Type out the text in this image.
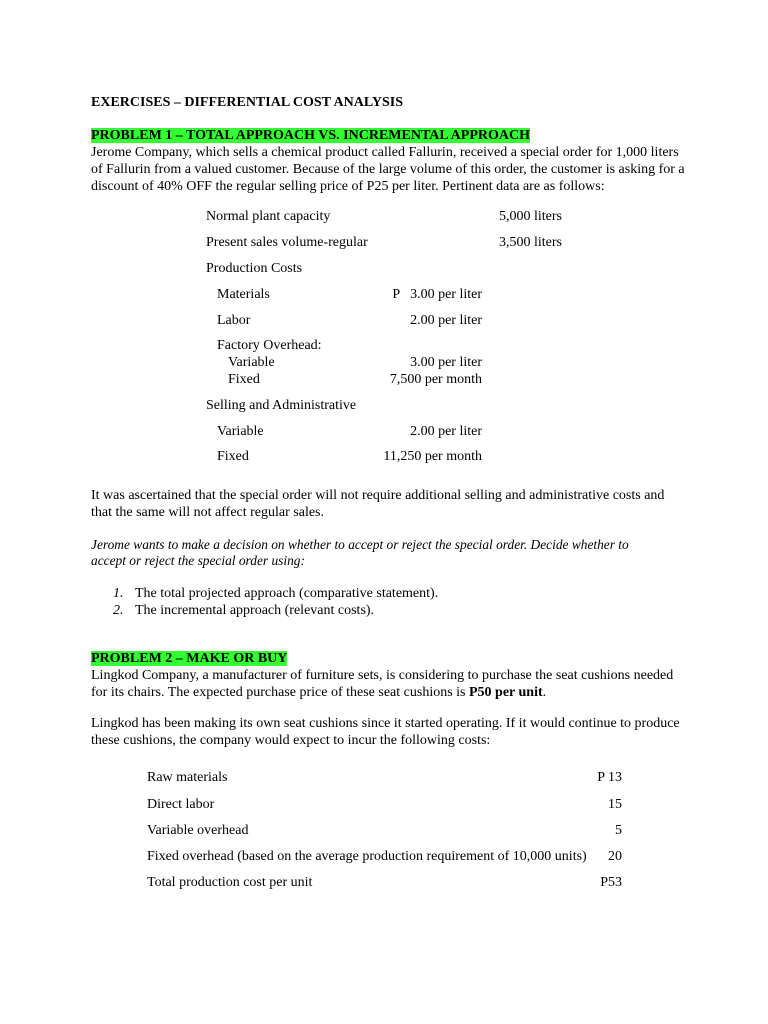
EXERCISES – DIFFERENTIAL COST ANALYSIS
PROBLEM 1 – TOTAL APPROACH VS. INCREMENTAL APPROACH
Jerome Company, which sells a chemical product called Fallurin, received a special order for 1,000 liters
of Fallurin from a valued customer. Because of the large volume of this order, the customer is asking for a
discount of 40% OFF the regular selling price of P25 per liter. Pertinent data are as follows:
Normal plant capacity	5,000 liters
Present sales volume-regular	3,500 liters
Production Costs
Materials	P   3.00 per liter
Labor	2.00 per liter
Factory Overhead:
Variable	3.00 per liter
Fixed	7,500 per month
Selling and Administrative
Variable	2.00 per liter
Fixed	11,250 per month
It was ascertained that the special order will not require additional selling and administrative costs and
that the same will not affect regular sales.
Jerome wants to make a decision on whether to accept or reject the special order. Decide whether to
accept or reject the special order using:
1. The total projected approach (comparative statement).
2. The incremental approach (relevant costs).
PROBLEM 2 – MAKE OR BUY
Lingkod Company, a manufacturer of furniture sets, is considering to purchase the seat cushions needed
for its chairs. The expected purchase price of these seat cushions is P50 per unit.
Lingkod has been making its own seat cushions since it started operating. If it would continue to produce
these cushions, the company would expect to incur the following costs:
Raw materials	P 13
Direct labor	15
Variable overhead	5
Fixed overhead (based on the average production requirement of 10,000 units)	20
Total production cost per unit	P53
